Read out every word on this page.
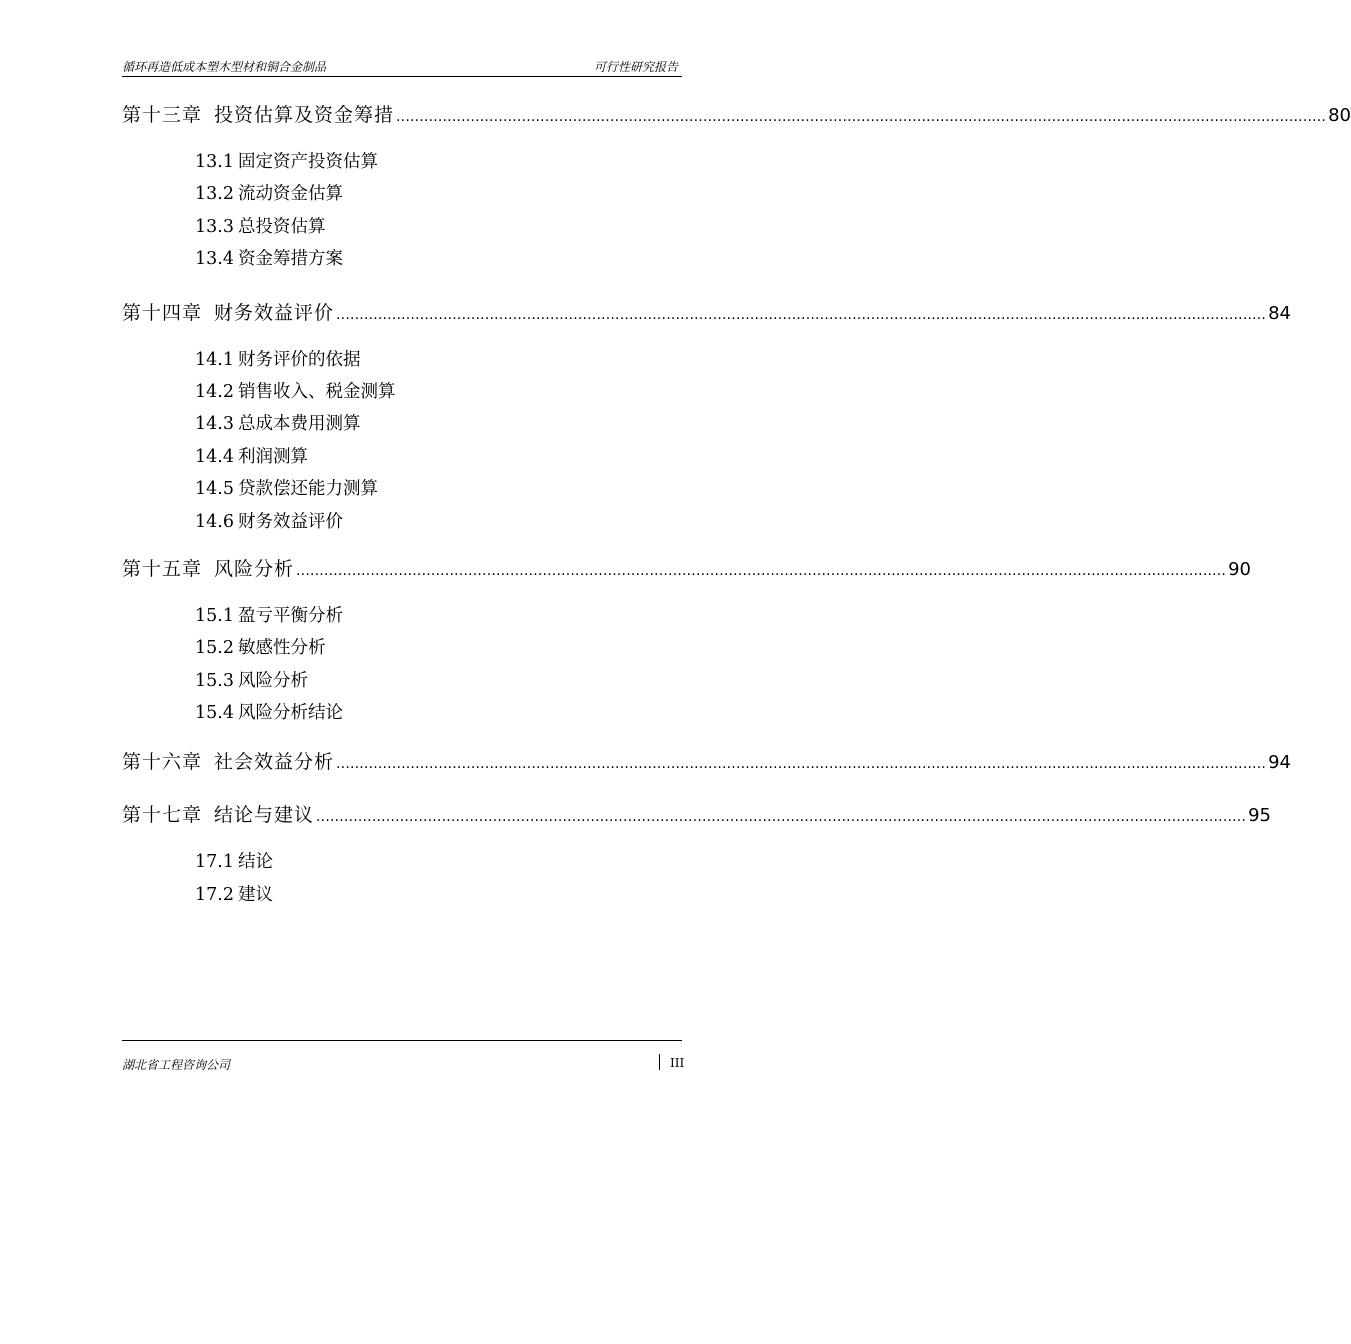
循环再造低成本塑木型材和铜合金制品	可行性研究报告
第十三章 投资估算及资金筹措 ........................................................................................................................................................................................................ 80
13.1 固定资产投资估算
13.2 流动资金估算
13.3 总投资估算
13.4 资金筹措方案
第十四章 财务效益评价 ........................................................................................................................................................................................................ 84
14.1 财务评价的依据
14.2 销售收入、税金测算
14.3 总成本费用测算
14.4 利润测算
14.5 贷款偿还能力测算
14.6 财务效益评价
第十五章 风险分析 ........................................................................................................................................................................................................ 90
15.1 盈亏平衡分析
15.2 敏感性分析
15.3 风险分析
15.4 风险分析结论
第十六章 社会效益分析 ........................................................................................................................................................................................................ 94
第十七章 结论与建议 ........................................................................................................................................................................................................ 95
17.1 结论
17.2 建议
湖北省工程咨询公司	III
